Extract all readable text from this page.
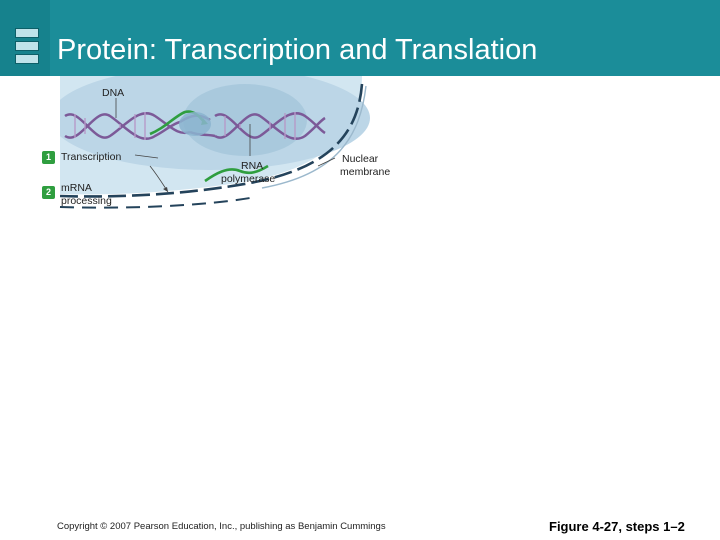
Protein: Transcription and Translation
DNA
1 Transcription
2 mRNA
processing
RNA
polymerase
Nuclear
membrane
Copyright © 2007 Pearson Education, Inc., publishing as Benjamin Cummings	Figure 4-27, steps 1–2
